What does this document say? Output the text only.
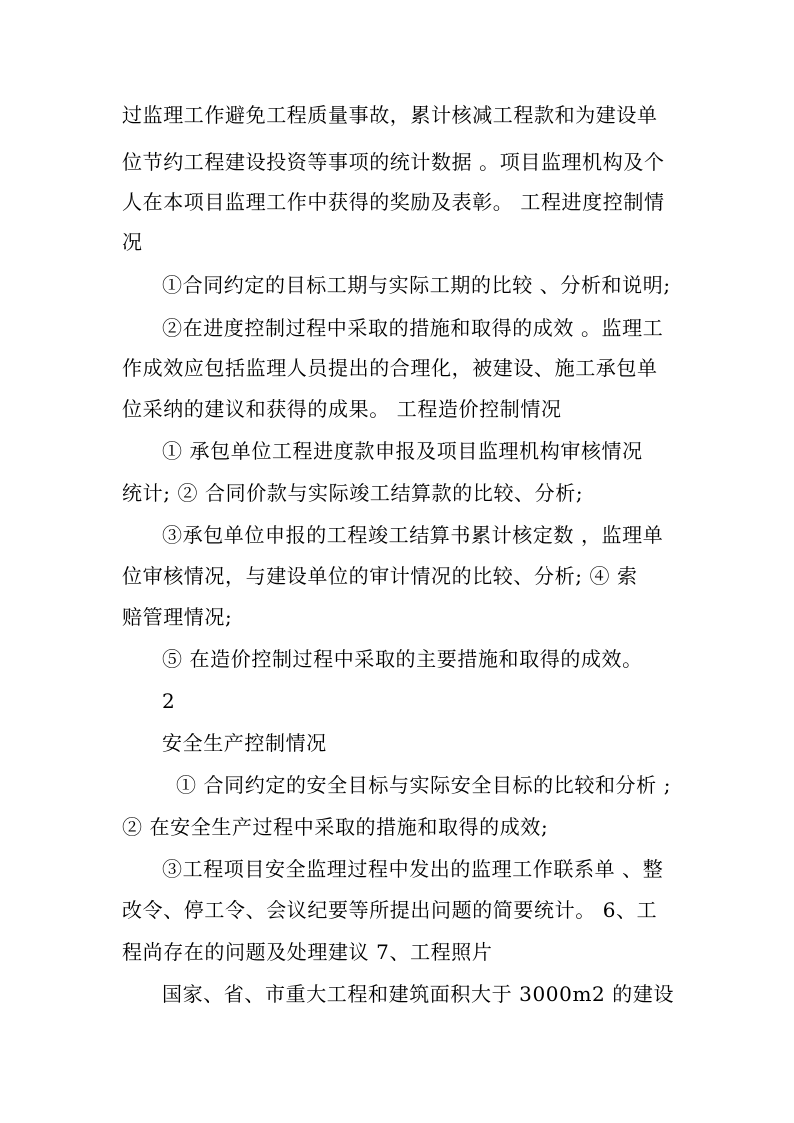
过监理工作避免工程质量事故，累计核减工程款和为建设单
位节约工程建设投资等事项的统计数据 。项目监理机构及个
人在本项目监理工作中获得的奖励及表彰。 工程进度控制情
况
①合同约定的目标工期与实际工期的比较 、分析和说明;
②在进度控制过程中采取的措施和取得的成效 。监理工
作成效应包括监理人员提出的合理化，被建设、施工承包单
位采纳的建议和获得的成果。 工程造价控制情况
① 承包单位工程进度款申报及项目监理机构审核情况
统计; ② 合同价款与实际竣工结算款的比较、分析;
③承包单位申报的工程竣工结算书累计核定数 ，监理单
位审核情况，与建设单位的审计情况的比较、分析; ④ 索
赔管理情况;
⑤ 在造价控制过程中采取的主要措施和取得的成效。
2
安全生产控制情况
① 合同约定的安全目标与实际安全目标的比较和分析 ;
② 在安全生产过程中采取的措施和取得的成效;
③工程项目安全监理过程中发出的监理工作联系单 、整
改令、停工令、会议纪要等所提出问题的简要统计。 6、工
程尚存在的问题及处理建议 7、工程照片
国家、省、市重大工程和建筑面积大于 3000m2 的建设
